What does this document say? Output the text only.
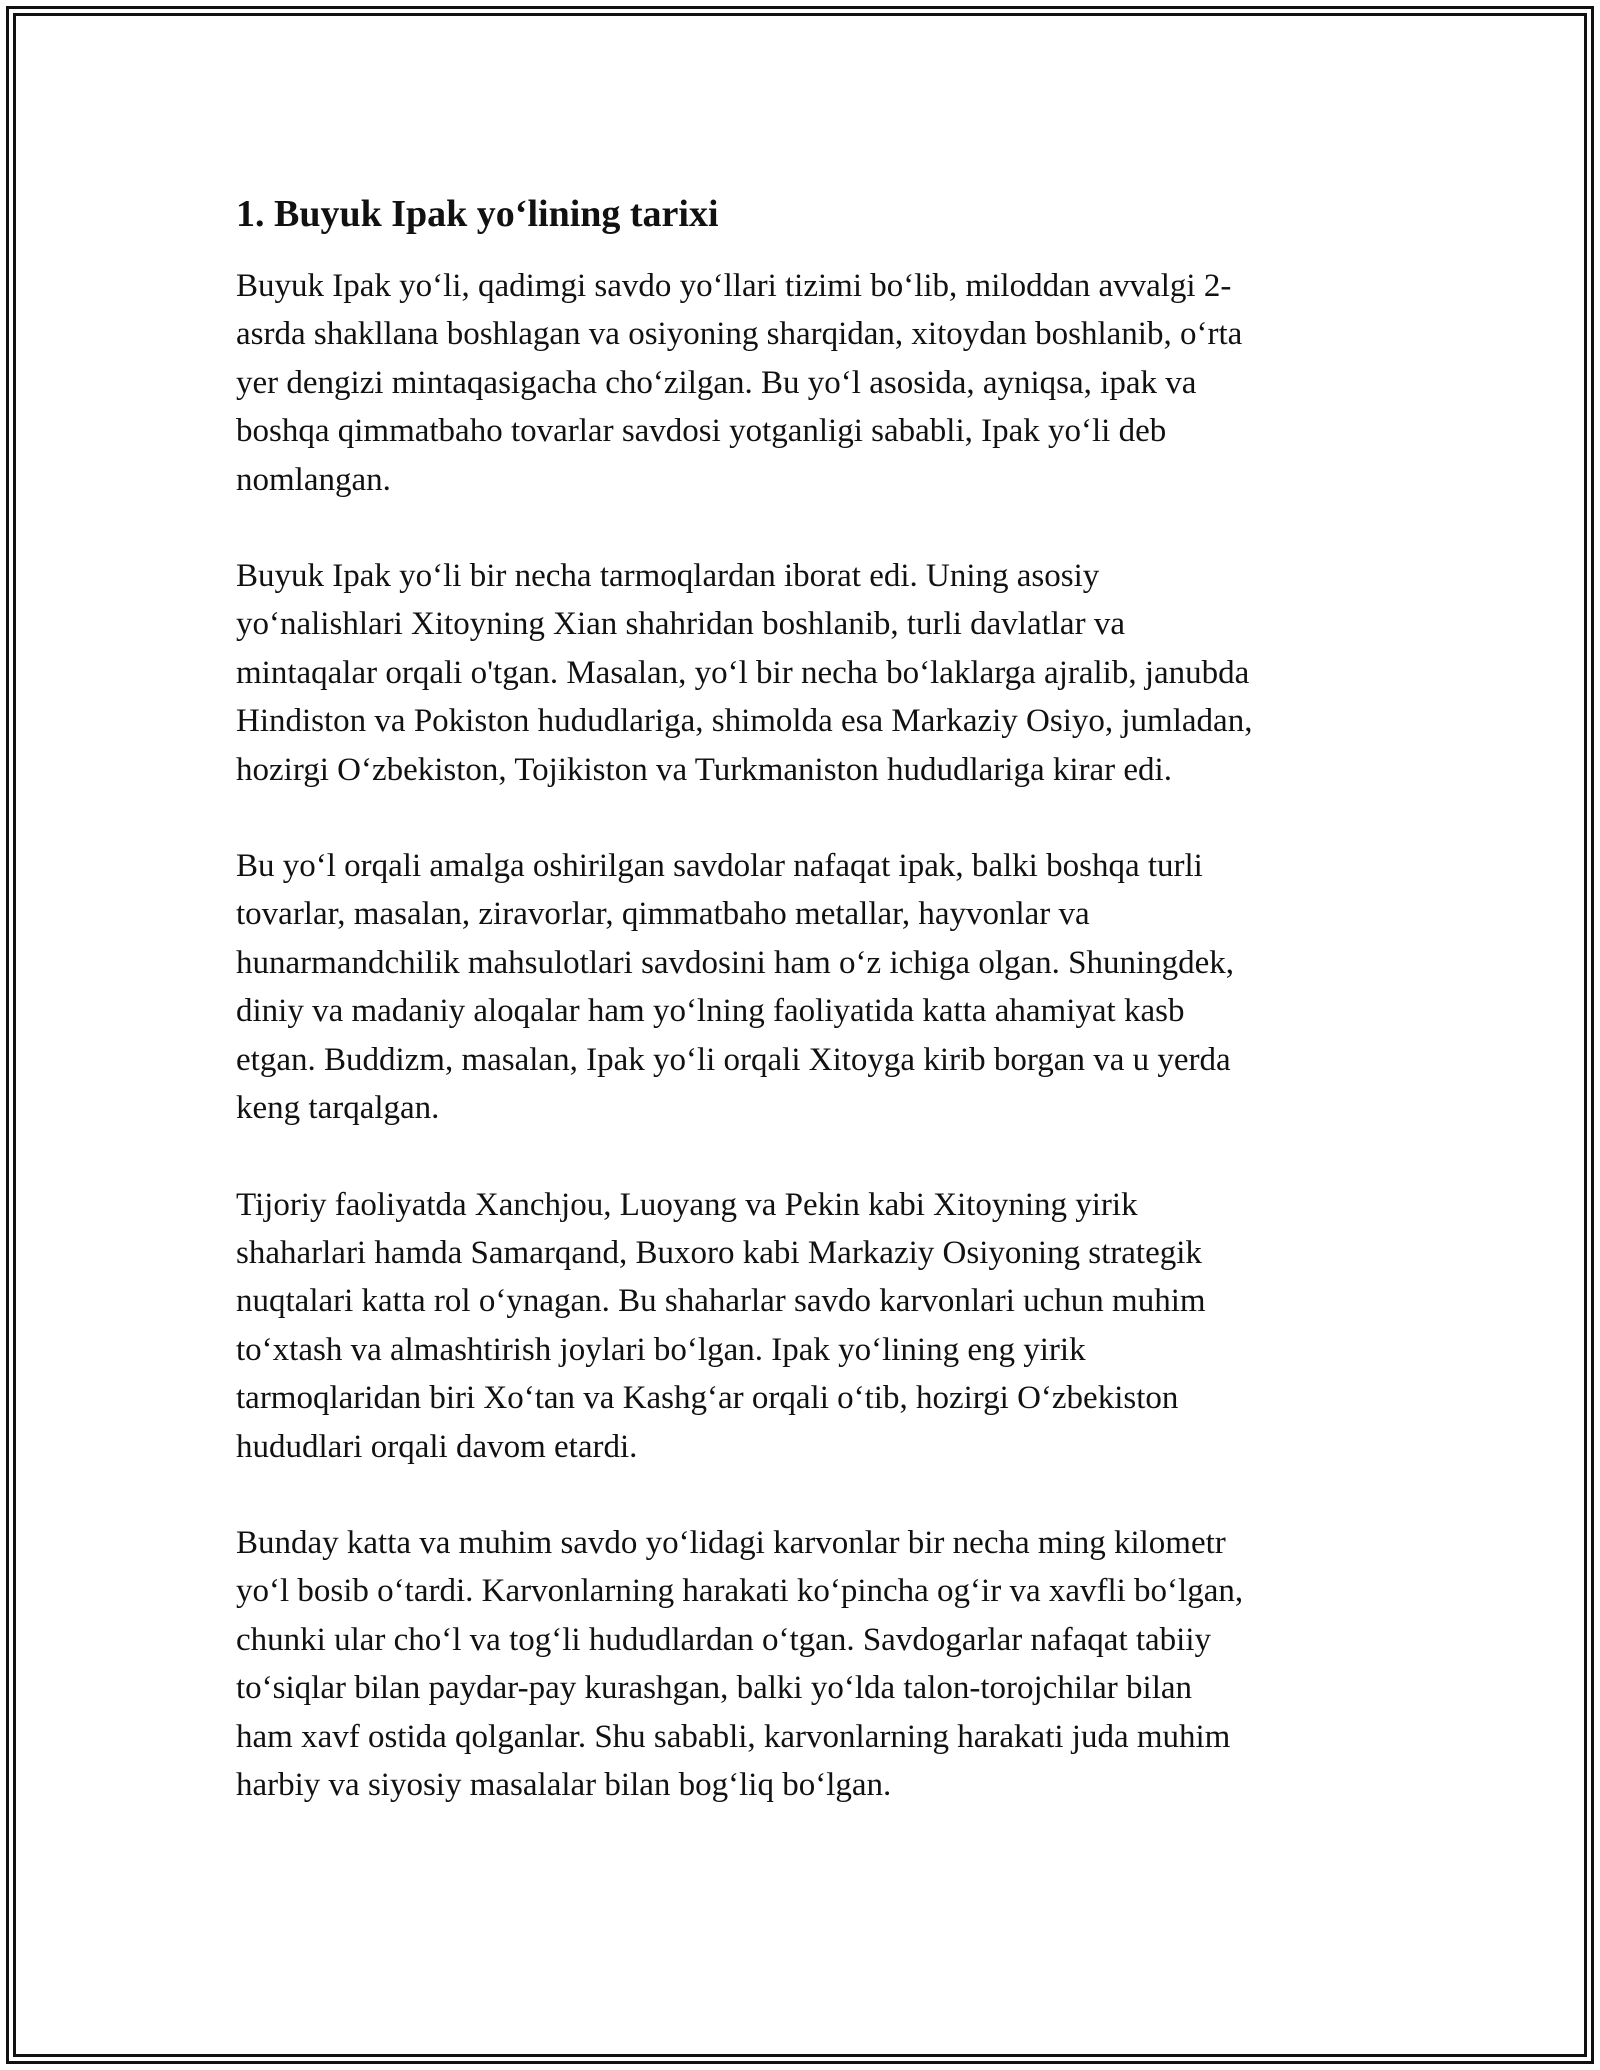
1. Buyuk Ipak yo‘lining tarixi

Buyuk Ipak yo‘li, qadimgi savdo yo‘llari tizimi bo‘lib, miloddan avvalgi 2-
asrda shakllana boshlagan va osiyoning sharqidan, xitoydan boshlanib, o‘rta
yer dengizi mintaqasigacha cho‘zilgan. Bu yo‘l asosida, ayniqsa, ipak va
boshqa qimmatbaho tovarlar savdosi yotganligi sababli, Ipak yo‘li deb
nomlangan.

Buyuk Ipak yo‘li bir necha tarmoqlardan iborat edi. Uning asosiy
yo‘nalishlari Xitoyning Xian shahridan boshlanib, turli davlatlar va
mintaqalar orqali o'tgan. Masalan, yo‘l bir necha bo‘laklarga ajralib, janubda
Hindiston va Pokiston hududlariga, shimolda esa Markaziy Osiyo, jumladan,
hozirgi O‘zbekiston, Tojikiston va Turkmaniston hududlariga kirar edi.

Bu yo‘l orqali amalga oshirilgan savdolar nafaqat ipak, balki boshqa turli
tovarlar, masalan, ziravorlar, qimmatbaho metallar, hayvonlar va
hunarmandchilik mahsulotlari savdosini ham o‘z ichiga olgan. Shuningdek,
diniy va madaniy aloqalar ham yo‘lning faoliyatida katta ahamiyat kasb
etgan. Buddizm, masalan, Ipak yo‘li orqali Xitoyga kirib borgan va u yerda
keng tarqalgan.

Tijoriy faoliyatda Xanchjou, Luoyang va Pekin kabi Xitoyning yirik
shaharlari hamda Samarqand, Buxoro kabi Markaziy Osiyoning strategik
nuqtalari katta rol o‘ynagan. Bu shaharlar savdo karvonlari uchun muhim
to‘xtash va almashtirish joylari bo‘lgan. Ipak yo‘lining eng yirik
tarmoqlaridan biri Xo‘tan va Kashg‘ar orqali o‘tib, hozirgi O‘zbekiston
hududlari orqali davom etardi.

Bunday katta va muhim savdo yo‘lidagi karvonlar bir necha ming kilometr
yo‘l bosib o‘tardi. Karvonlarning harakati ko‘pincha og‘ir va xavfli bo‘lgan,
chunki ular cho‘l va tog‘li hududlardan o‘tgan. Savdogarlar nafaqat tabiiy
to‘siqlar bilan paydar-pay kurashgan, balki yo‘lda talon-torojchilar bilan
ham xavf ostida qolganlar. Shu sababli, karvonlarning harakati juda muhim
harbiy va siyosiy masalalar bilan bog‘liq bo‘lgan.
